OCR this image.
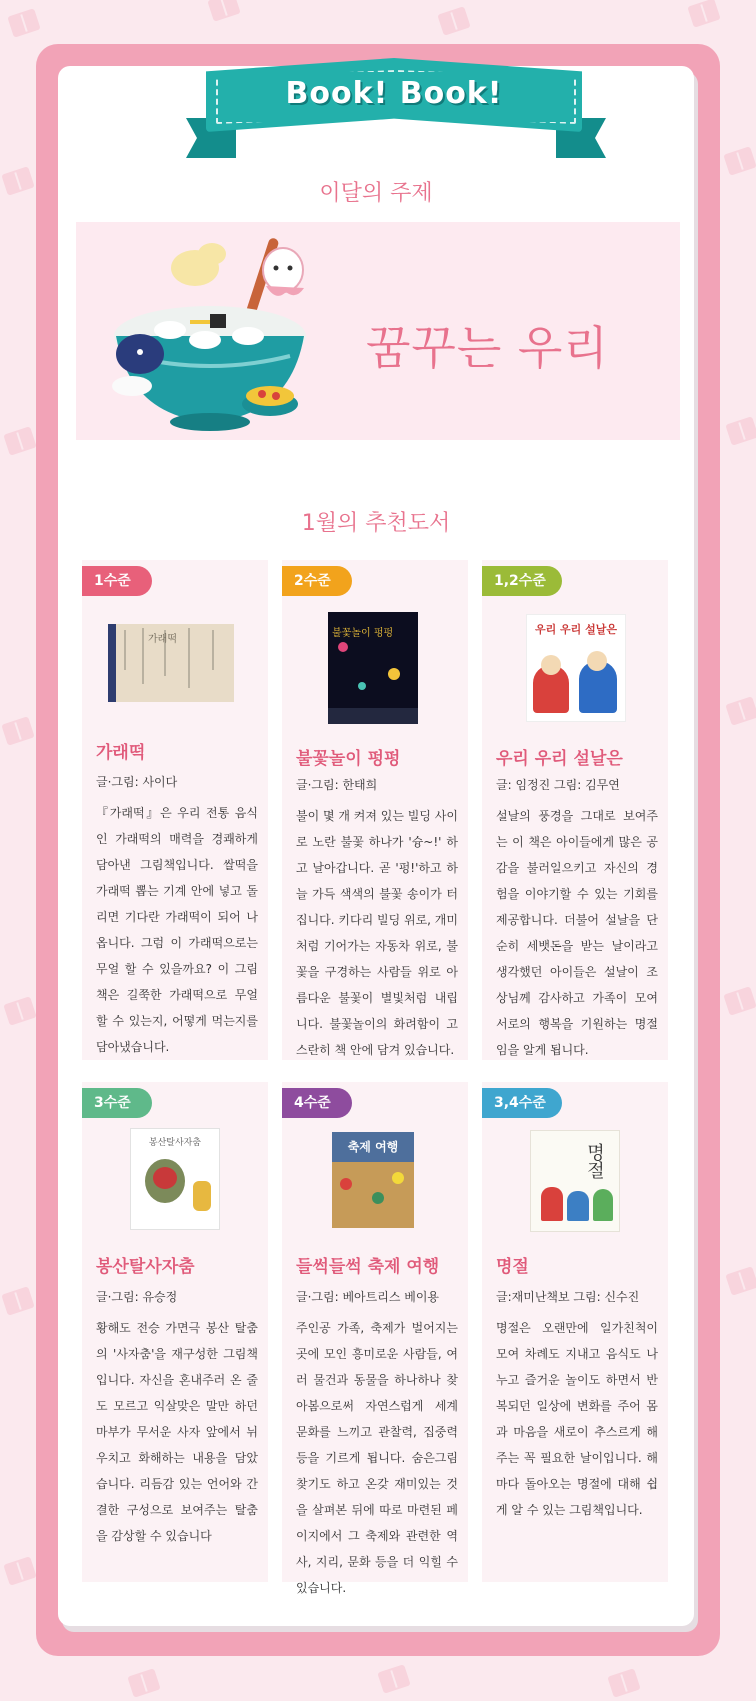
Book! Book!
이달의 주제
꿈꾸는 우리
1월의 추천도서
1수준
가래떡
가래떡
글·그림: 사이다
『가래떡』은 우리 전통 음식인 가래떡의 매력을 경쾌하게 담아낸 그림책입니다. 쌀떡을 가래떡 뽑는 기계 안에 넣고 돌리면 기다란 가래떡이 되어 나옵니다. 그럼 이 가래떡으로는 무얼 할 수 있을까요? 이 그림책은 길쭉한 가래떡으로 무얼 할 수 있는지, 어떻게 먹는지를 담아냈습니다.
2수준
불꽃놀이 펑펑
불꽃놀이 펑펑
글·그림: 한태희
불이 몇 개 켜져 있는 빌딩 사이로 노란 불꽃 하나가 '슝~!' 하고 날아갑니다. 곧 '펑!'하고 하늘 가득 색색의 불꽃 송이가 터집니다. 키다리 빌딩 위로, 개미처럼 기어가는 자동차 위로, 불꽃을 구경하는 사람들 위로 아름다운 불꽃이 별빛처럼 내립니다. 불꽃놀이의 화려함이 고스란히 책 안에 담겨 있습니다.
1,2수준
우리 우리 설날은
우리 우리 설날은
글: 임정진 그림: 김무연
설날의 풍경을 그대로 보여주는 이 책은 아이들에게 많은 공감을 불러일으키고 자신의 경험을 이야기할 수 있는 기회를 제공합니다. 더불어 설날을 단순히 세뱃돈을 받는 날이라고 생각했던 아이들은 설날이 조상님께 감사하고 가족이 모여 서로의 행복을 기원하는 명절임을 알게 됩니다.
3수준
봉산탈사자춤
봉산탈사자춤
글·그림: 유승정
황해도 전승 가면극 봉산 탈춤의 '사자춤'을 재구성한 그림책입니다. 자신을 혼내주러 온 줄도 모르고 익살맞은 말만 하던 마부가 무서운 사자 앞에서 뉘우치고 화해하는 내용을 담았습니다. 리듬감 있는 언어와 간결한 구성으로 보여주는 탈춤을 감상할 수 있습니다
4수준
축제 여행
들썩들썩 축제 여행
글·그림: 베아트리스 베이용
주인공 가족, 축제가 벌어지는 곳에 모인 흥미로운 사람들, 여러 물건과 동물을 하나하나 찾아봄으로써 자연스럽게 세계 문화를 느끼고 관찰력, 집중력 등을 기르게 됩니다. 숨은그림찾기도 하고 온갖 재미있는 것을 살펴본 뒤에 따로 마련된 페이지에서 그 축제와 관련한 역사, 지리, 문화 등을 더 익힐 수 있습니다.
3,4수준
명절
명절
글:재미난책보 그림: 신수진
명절은 오랜만에 일가친척이 모여 차례도 지내고 음식도 나누고 즐거운 놀이도 하면서 반복되던 일상에 변화를 주어 몸과 마음을 새로이 추스르게 해주는 꼭 필요한 날이입니다. 해마다 돌아오는 명절에 대해 쉽게 알 수 있는 그림책입니다.
